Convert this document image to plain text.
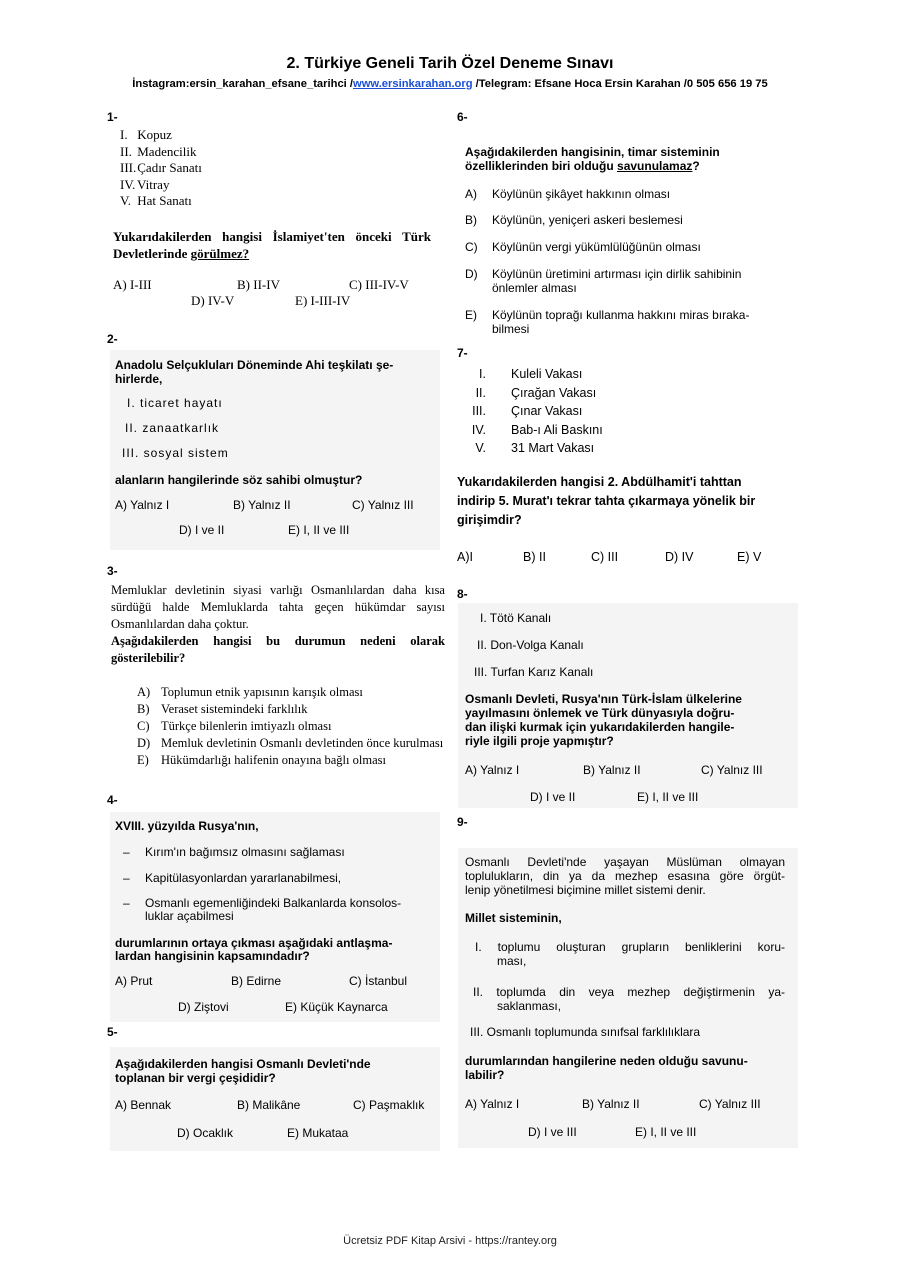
2. Türkiye Geneli Tarih Özel Deneme Sınavı
İnstagram:ersin_karahan_efsane_tarihci /www.ersinkarahan.org /Telegram: Efsane Hoca Ersin Karahan /0 505 656 19 75
1-
I. Kopuz
II. Madencilik
III. Çadır Sanatı
IV. Vitray
V. Hat Sanatı
Yukarıdakilerden hangisi İslamiyet'ten önceki Türk
Devletlerinde görülmez?
A) I-III	B) II-IV	C) III-IV-V
D) IV-V	E) I-III-IV
2-
Anadolu Selçukluları Döneminde Ahi teşkilatı şe-
hirlerde,
I. ticaret hayatı
II. zanaatkarlık
III. sosyal sistem
alanların hangilerinde söz sahibi olmuştur?
A) Yalnız I	B) Yalnız II	C) Yalnız III
D) I ve II	E) I, II ve III
3-
Memluklar devletinin siyasi varlığı Osmanlılardan daha kısa
sürdüğü halde Memluklarda tahta geçen hükümdar sayısı
Osmanlılardan daha çoktur.
Aşağıdakilerden hangisi bu durumun nedeni olarak
gösterilebilir?
A) Toplumun etnik yapısının karışık olması
B) Veraset sistemindeki farklılık
C) Türkçe bilenlerin imtiyazlı olması
D) Memluk devletinin Osmanlı devletinden önce kurulması
E) Hükümdarlığı halifenin onayına bağlı olması
4-
XVIII. yüzyılda Rusya'nın,
– Kırım'ın bağımsız olmasını sağlaması
– Kapitülasyonlardan yararlanabilmesi,
– Osmanlı egemenliğindeki Balkanlarda konsolos-
luklar açabilmesi
durumlarının ortaya çıkması aşağıdaki antlaşma-
lardan hangisinin kapsamındadır?
A) Prut	B) Edirne	C) İstanbul
D) Ziştovi	E) Küçük Kaynarca
5-
Aşağıdakilerden hangisi Osmanlı Devleti'nde
toplanan bir vergi çeşididir?
A) Bennak	B) Malikâne	C) Paşmaklık
D) Ocaklık	E) Mukataa
6-
Aşağıdakilerden hangisinin, timar sisteminin
özelliklerinden biri olduğu savunulamaz?
A) Köylünün şikâyet hakkının olması
B) Köylünün, yeniçeri askeri beslemesi
C) Köylünün vergi yükümlülüğünün olması
D) Köylünün üretimini artırması için dirlik sahibinin
önlemler alması
E) Köylünün toprağı kullanma hakkını miras bıraka-
bilmesi
7-
I. Kuleli Vakası
II. Çırağan Vakası
III. Çınar Vakası
IV. Bab-ı Ali Baskını
V. 31 Mart Vakası
Yukarıdakilerden hangisi 2. Abdülhamit'i tahttan
indirip 5. Murat'ı tekrar tahta çıkarmaya yönelik bir
girişimdir?
A)I	B) II	C) III	D) IV	E) V
8-
I. Tötö Kanalı
II. Don-Volga Kanalı
III. Turfan Karız Kanalı
Osmanlı Devleti, Rusya'nın Türk-İslam ülkelerine
yayılmasını önlemek ve Türk dünyasıyla doğru-
dan ilişki kurmak için yukarıdakilerden hangile-
riyle ilgili proje yapmıştır?
A) Yalnız I	B) Yalnız II	C) Yalnız III
D) I ve II	E) I, II ve III
9-
Osmanlı Devleti'nde yaşayan Müslüman olmayan
toplulukların, din ya da mezhep esasına göre örgüt-
lenip yönetilmesi biçimine millet sistemi denir.
Millet sisteminin,
I. toplumu oluşturan grupların benliklerini koru-
ması,
II. toplumda din veya mezhep değiştirmenin ya-
saklanması,
III. Osmanlı toplumunda sınıfsal farklılıklara
durumlarından hangilerine neden olduğu savunu-
labilir?
A) Yalnız I	B) Yalnız II	C) Yalnız III
D) I ve III	E) I, II ve III
Ücretsiz PDF Kitap Arsivi - https://rantey.org
